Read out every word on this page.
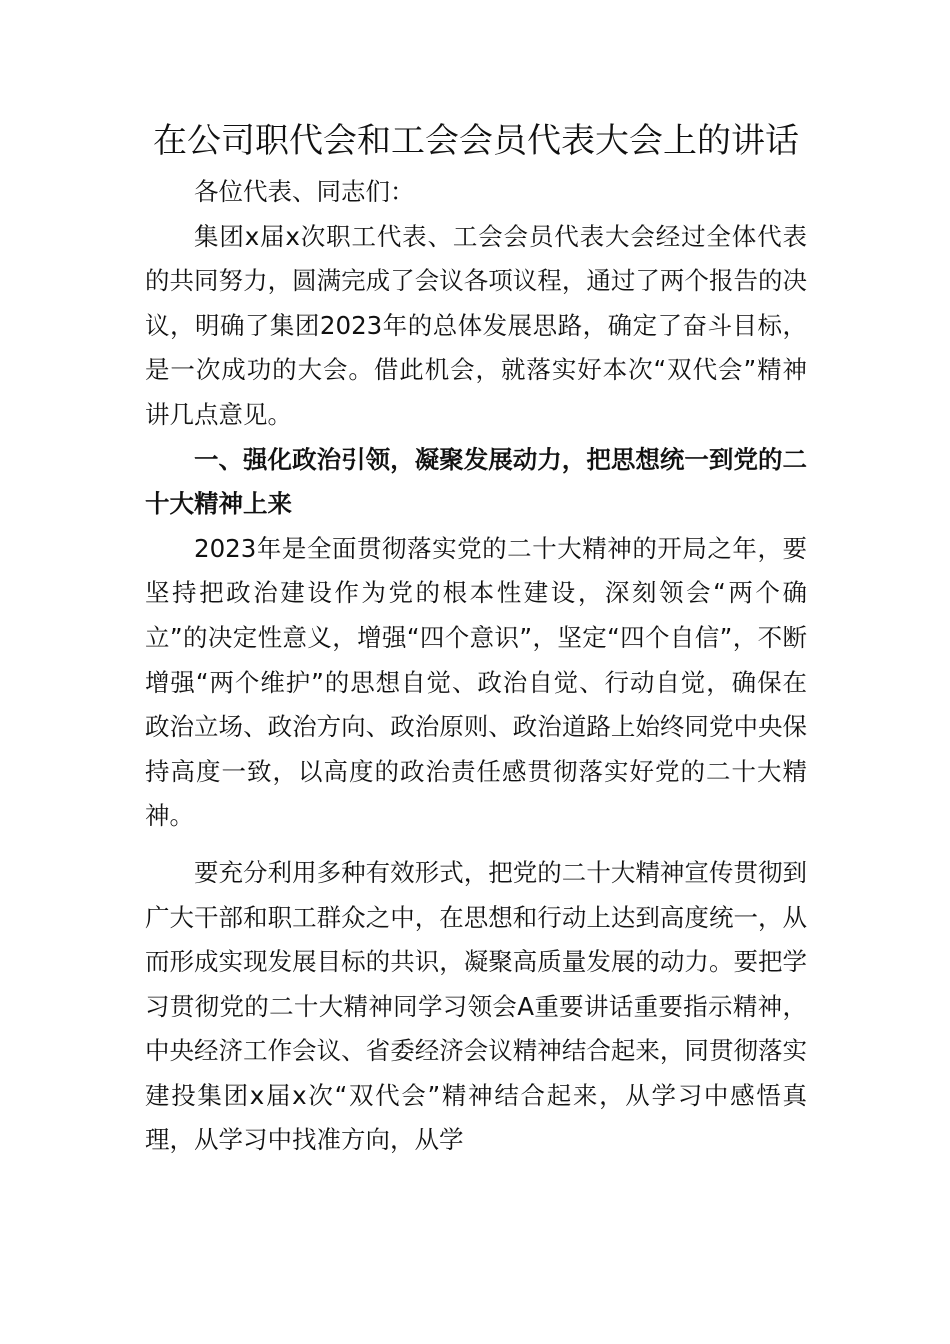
在公司职代会和工会会员代表大会上的讲话

各位代表、同志们：

集团x届x次职工代表、工会会员代表大会经过全体代表的共同努力，圆满完成了会议各项议程，通过了两个报告的决议，明确了集团2023年的总体发展思路，确定了奋斗目标，是一次成功的大会。借此机会，就落实好本次“双代会”精神讲几点意见。

一、强化政治引领，凝聚发展动力，把思想统一到党的二十大精神上来

2023年是全面贯彻落实党的二十大精神的开局之年，要坚持把政治建设作为党的根本性建设，深刻领会“两个确立”的决定性意义，增强“四个意识”，坚定“四个自信”，不断增强“两个维护”的思想自觉、政治自觉、行动自觉，确保在政治立场、政治方向、政治原则、政治道路上始终同党中央保持高度一致，以高度的政治责任感贯彻落实好党的二十大精神。

要充分利用多种有效形式，把党的二十大精神宣传贯彻到广大干部和职工群众之中，在思想和行动上达到高度统一，从而形成实现发展目标的共识，凝聚高质量发展的动力。要把学习贯彻党的二十大精神同学习领会A重要讲话重要指示精神，中央经济工作会议、省委经济会议精神结合起来，同贯彻落实建投集团x届x次“双代会”精神结合起来，从学习中感悟真理，从学习中找准方向，从学
